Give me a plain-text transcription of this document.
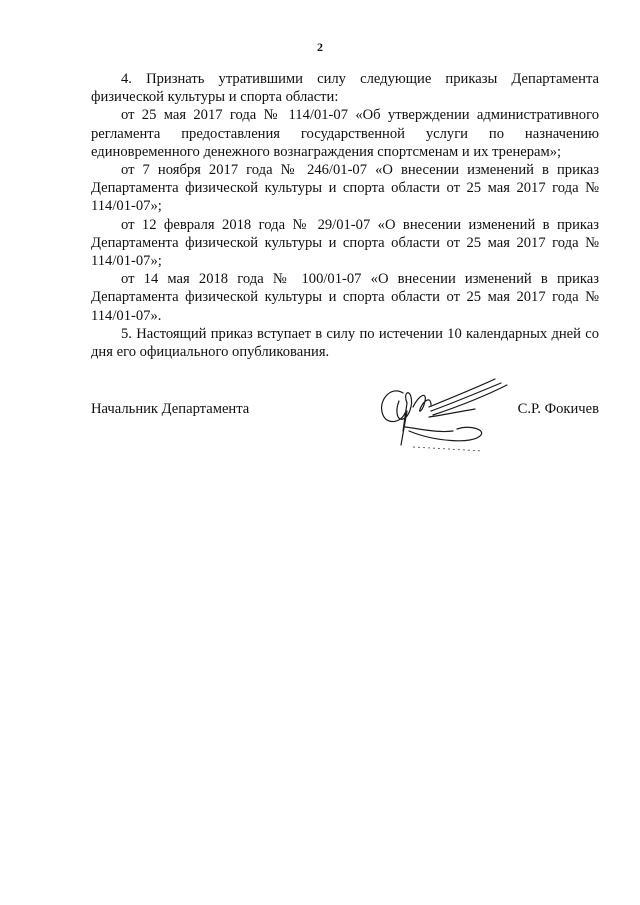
2

4. Признать утратившими силу следующие приказы Департамента физической культуры и спорта области:

от 25 мая 2017 года № 114/01-07 «Об утверждении административного регламента предоставления государственной услуги по назначению единовременного денежного вознаграждения спортсменам и их тренерам»;

от 7 ноября 2017 года № 246/01-07 «О внесении изменений в приказ Департамента физической культуры и спорта области от 25 мая 2017 года № 114/01-07»;

от 12 февраля 2018 года № 29/01-07 «О внесении изменений в приказ Департамента физической культуры и спорта области от 25 мая 2017 года № 114/01-07»;

от 14 мая 2018 года № 100/01-07 «О внесении изменений в приказ Департамента физической культуры и спорта области от 25 мая 2017 года № 114/01-07».

5. Настоящий приказ вступает в силу по истечении 10 календарных дней со дня его официального опубликования.

Начальник Департамента	С.Р. Фокичев
